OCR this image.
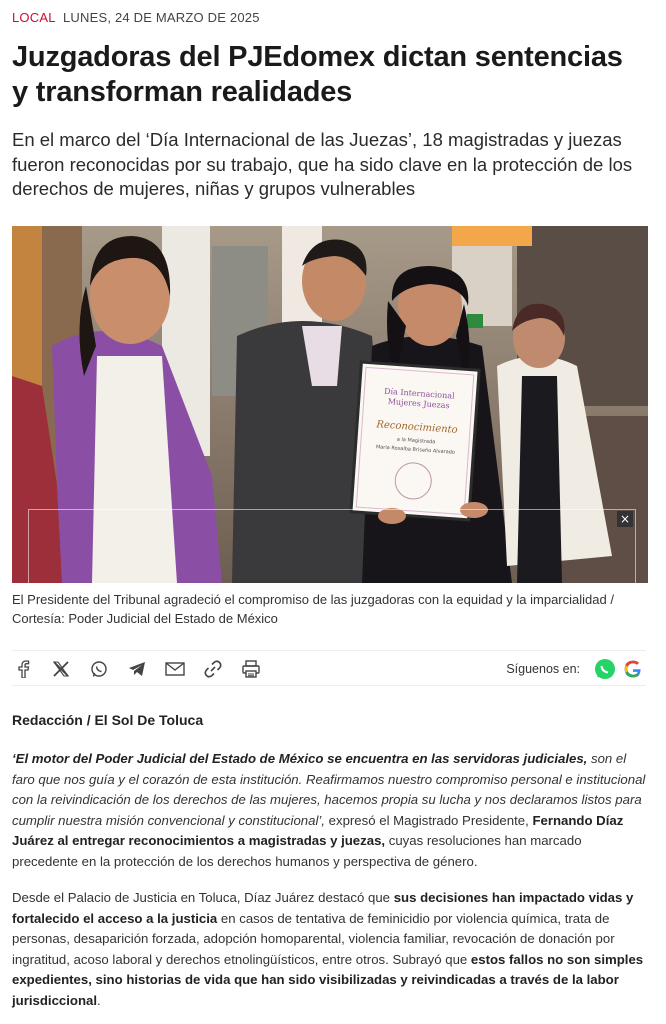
LOCAL LUNES, 24 DE MARZO DE 2025
Juzgadoras del PJEdomex dictan sentencias y transforman realidades

En el marco del ‘Día Internacional de las Juezas’, 18 magistradas y juezas fueron reconocidas por su trabajo, que ha sido clave en la protección de los derechos de mujeres, niñas y grupos vulnerables

Día Internacional
Mujeres Juezas
Reconocimiento
a la Magistrada
María Rosalba Briseño Alvarado
×

El Presidente del Tribunal agradeció el compromiso de las juzgadoras con la equidad y la imparcialidad / Cortesía: Poder Judicial del Estado de México

Síguenos en:
Redacción / El Sol De Toluca

‘El motor del Poder Judicial del Estado de México se encuentra en las servidoras judiciales, son el faro que nos guía y el corazón de esta institución. Reafirmamos nuestro compromiso personal e institucional con la reivindicación de los derechos de las mujeres, hacemos propia su lucha y nos declaramos listos para cumplir nuestra misión convencional y constitucional’, expresó el Magistrado Presidente, Fernando Díaz Juárez al entregar reconocimientos a magistradas y juezas, cuyas resoluciones han marcado precedente en la protección de los derechos humanos y perspectiva de género.

Desde el Palacio de Justicia en Toluca, Díaz Juárez destacó que sus decisiones han impactado vidas y fortalecido el acceso a la justicia en casos de tentativa de feminicidio por violencia química, trata de personas, desaparición forzada, adopción homoparental, violencia familiar, revocación de donación por ingratitud, acoso laboral y derechos etnolingüísticos, entre otros. Subrayó que estos fallos no son simples expedientes, sino historias de vida que han sido visibilizadas y reivindicadas a través de la labor jurisdiccional.
